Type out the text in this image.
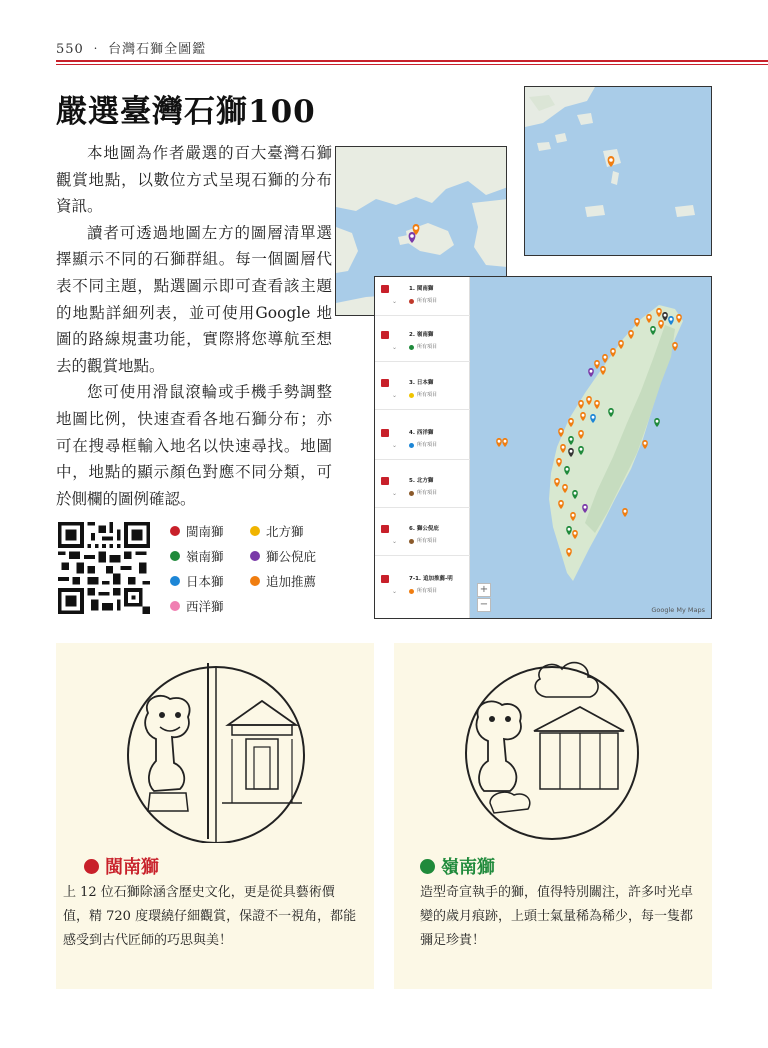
550 ‧ 台灣石獅全圖鑑
嚴選臺灣石獅100

本地圖為作者嚴選的百大臺灣石獅觀賞地點，以數位方式呈現石獅的分布資訊。

讀者可透過地圖左方的圖層清單選擇顯示不同的石獅群組。每一個圖層代表不同主題，點選圖示即可查看該主題的地點詳細列表，並可使用Google 地圖的路線規畫功能，實際將您導航至想去的觀賞地點。

您可使用滑鼠滾輪或手機手勢調整地圖比例，快速查看各地石獅分布；亦可在搜尋框輸入地名以快速尋找。地圖中，地點的顯示顏色對應不同分類，可於側欄的圖例確認。

閩南獅	北方獅
嶺南獅	獅公倪庇
日本獅	追加推薦
西洋獅
1. 閩南獅
⌄	所有項目
2. 嶺南獅
⌄	所有項目
3. 日本獅
⌄	所有項目
4. 西洋獅
⌄	所有項目
5. 北方獅
⌄	所有項目
6. 獅公倪庇
⌄	所有項目
7-1. 追加推薦-明
⌄	所有項目	+
−	Google My Maps
閩南獅
上 12 位石獅除涵含歷史文化，更是從具藝術價值，精 720 度環繞仔細觀賞，保證不一視角，都能感受到古代匠師的巧思與美！
嶺南獅
造型奇宣執手的獅，值得特別關注，許多吋光卓變的歲月痕跡，上頭士氣量稀為稀少，每一隻都彌足珍貴！
